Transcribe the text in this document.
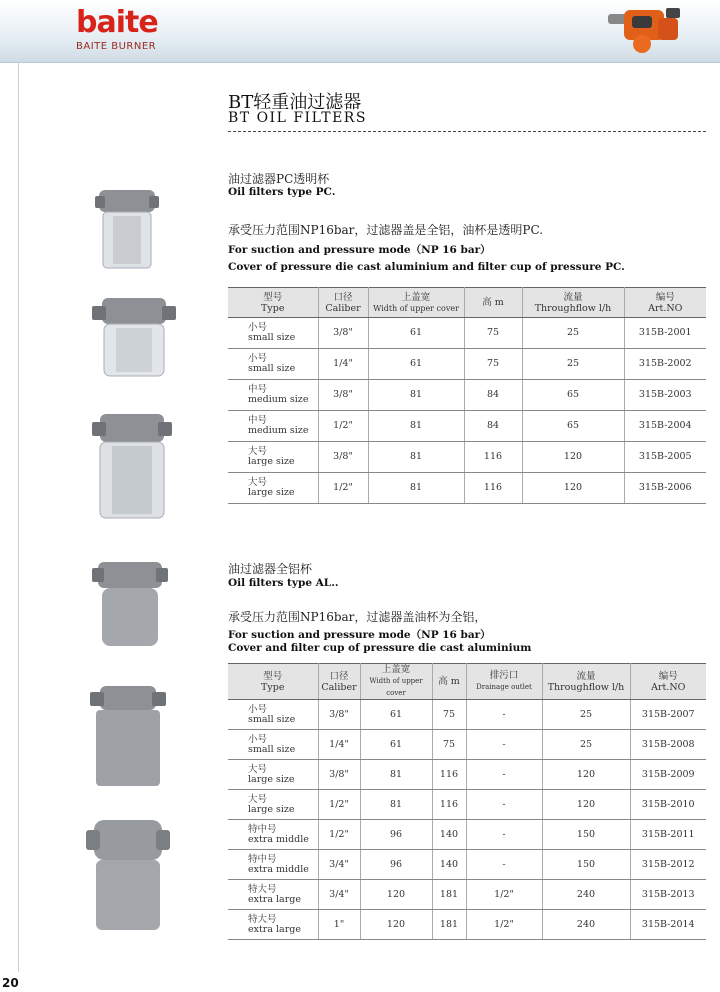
baite
BAITE BURNER
BT轻重油过滤器
BT OIL FILTERS
油过滤器PC透明杯
Oil filters type PC.
承受压力范围NP16bar，过滤器盖是全铝，油杯是透明PC.
For suction and pressure mode（NP 16 bar）
Cover of pressure die cast aluminium and filter cup of pressure PC.
型号
Type	口径
Caliber	上盖宽
Width of upper cover	高 m	流量
Throughflow l/h	编号
Art.NO
小号
small size	3/8"	61	75	25	315B-2001
小号
small size	1/4"	61	75	25	315B-2002
中号
medium size	3/8"	81	84	65	315B-2003
中号
medium size	1/2"	81	84	65	315B-2004
大号
large size	3/8"	81	116	120	315B-2005
大号
large size	1/2"	81	116	120	315B-2006
油过滤器全铝杯
Oil filters type AL..
承受压力范围NP16bar，过滤器盖油杯为全铝，
For suction and pressure mode（NP 16 bar）
Cover and filter cup of pressure die cast aluminium
型号
Type	口径
Caliber	上盖宽
Width of upper cover	高 m	排污口
Drainage outlet	流量
Throughflow l/h	编号
Art.NO
小号
small size	3/8"	61	75	-	25	315B-2007
小号
small size	1/4"	61	75	-	25	315B-2008
大号
large size	3/8"	81	116	-	120	315B-2009
大号
large size	1/2"	81	116	-	120	315B-2010
特中号
extra middle	1/2"	96	140	-	150	315B-2011
特中号
extra middle	3/4"	96	140	-	150	315B-2012
特大号
extra large	3/4"	120	181	1/2"	240	315B-2013
特大号
extra large	1"	120	181	1/2"	240	315B-2014
20
